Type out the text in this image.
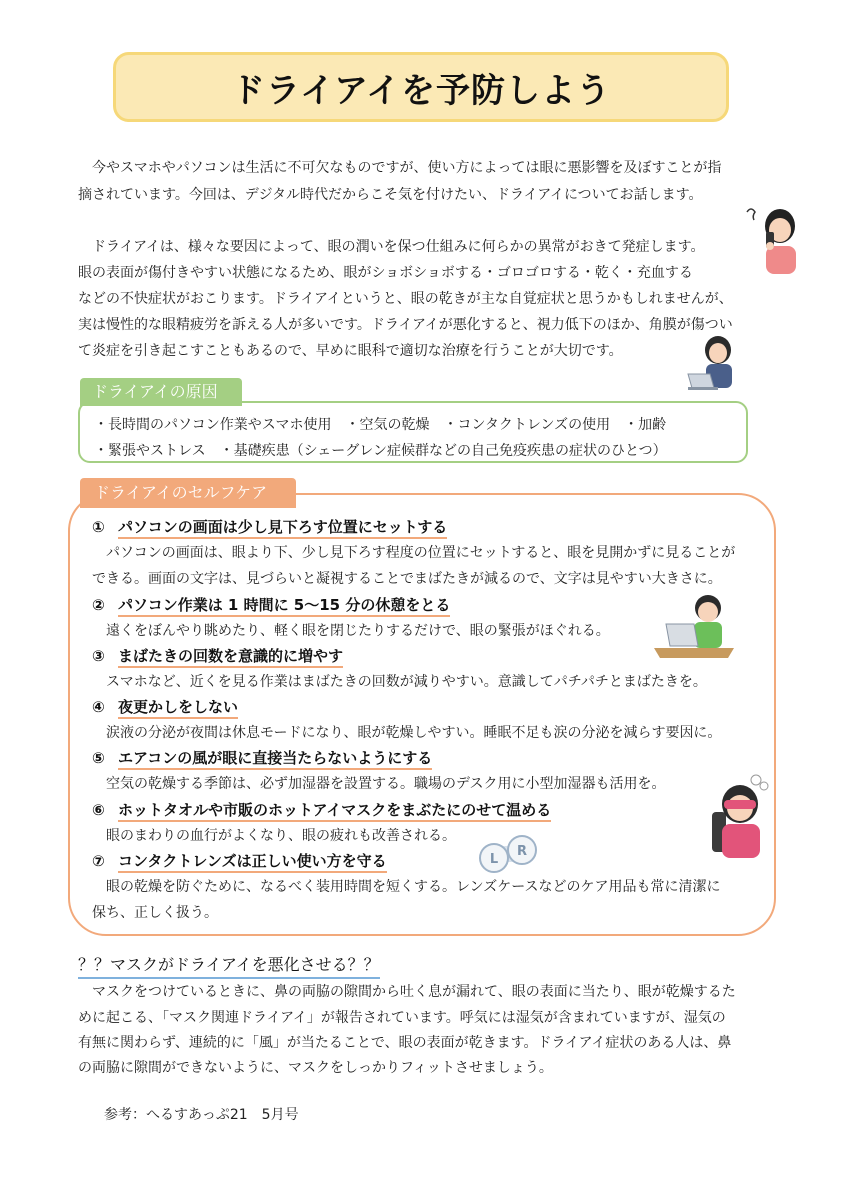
ドライアイを予防しよう
今やスマホやパソコンは生活に不可欠なものですが、使い方によっては眼に悪影響を及ぼすことが指
摘されています。今回は、デジタル時代だからこそ気を付けたい、ドライアイについてお話します。
ドライアイは、様々な要因によって、眼の潤いを保つ仕組みに何らかの異常がおきて発症します。
眼の表面が傷付きやすい状態になるため、眼がショボショボする・ゴロゴロする・乾く・充血する
などの不快症状がおこります。ドライアイというと、眼の乾きが主な自覚症状と思うかもしれませんが、
実は慢性的な眼精疲労を訴える人が多いです。ドライアイが悪化すると、視力低下のほか、角膜が傷つい
て炎症を引き起こすこともあるので、早めに眼科で適切な治療を行うことが大切です。
ドライアイの原因
・長時間のパソコン作業やスマホ使用　・空気の乾燥　・コンタクトレンズの使用　・加齢
・緊張やストレス　・基礎疾患（シェーグレン症候群などの自己免疫疾患の症状のひとつ）
ドライアイのセルフケア
① パソコンの画面は少し見下ろす位置にセットする
パソコンの画面は、眼より下、少し見下ろす程度の位置にセットすると、眼を見開かずに見ることが
できる。画面の文字は、見づらいと凝視することでまばたきが減るので、文字は見やすい大きさに。
② パソコン作業は 1 時間に 5～15 分の休憩をとる
遠くをぼんやり眺めたり、軽く眼を閉じたりするだけで、眼の緊張がほぐれる。
③ まばたきの回数を意識的に増やす
スマホなど、近くを見る作業はまばたきの回数が減りやすい。意識してパチパチとまばたきを。
④ 夜更かしをしない
涙液の分泌が夜間は休息モードになり、眼が乾燥しやすい。睡眠不足も涙の分泌を減らす要因に。
⑤ エアコンの風が眼に直接当たらないようにする
空気の乾燥する季節は、必ず加湿器を設置する。職場のデスク用に小型加湿器も活用を。
⑥ ホットタオルや市販のホットアイマスクをまぶたにのせて温める
眼のまわりの血行がよくなり、眼の疲れも改善される。
⑦ コンタクトレンズは正しい使い方を守る
眼の乾燥を防ぐために、なるべく装用時間を短くする。レンズケースなどのケア用品も常に清潔に
保ち、正しく扱う。
L
R
？？マスクがドライアイを悪化させる？？
マスクをつけているときに、鼻の両脇の隙間から吐く息が漏れて、眼の表面に当たり、眼が乾燥するた
めに起こる、「マスク関連ドライアイ」が報告されています。呼気には湿気が含まれていますが、湿気の
有無に関わらず、連続的に「風」が当たることで、眼の表面が乾きます。ドライアイ症状のある人は、鼻
の両脇に隙間ができないように、マスクをしっかりフィットさせましょう。
参考：へるすあっぷ21　5月号
